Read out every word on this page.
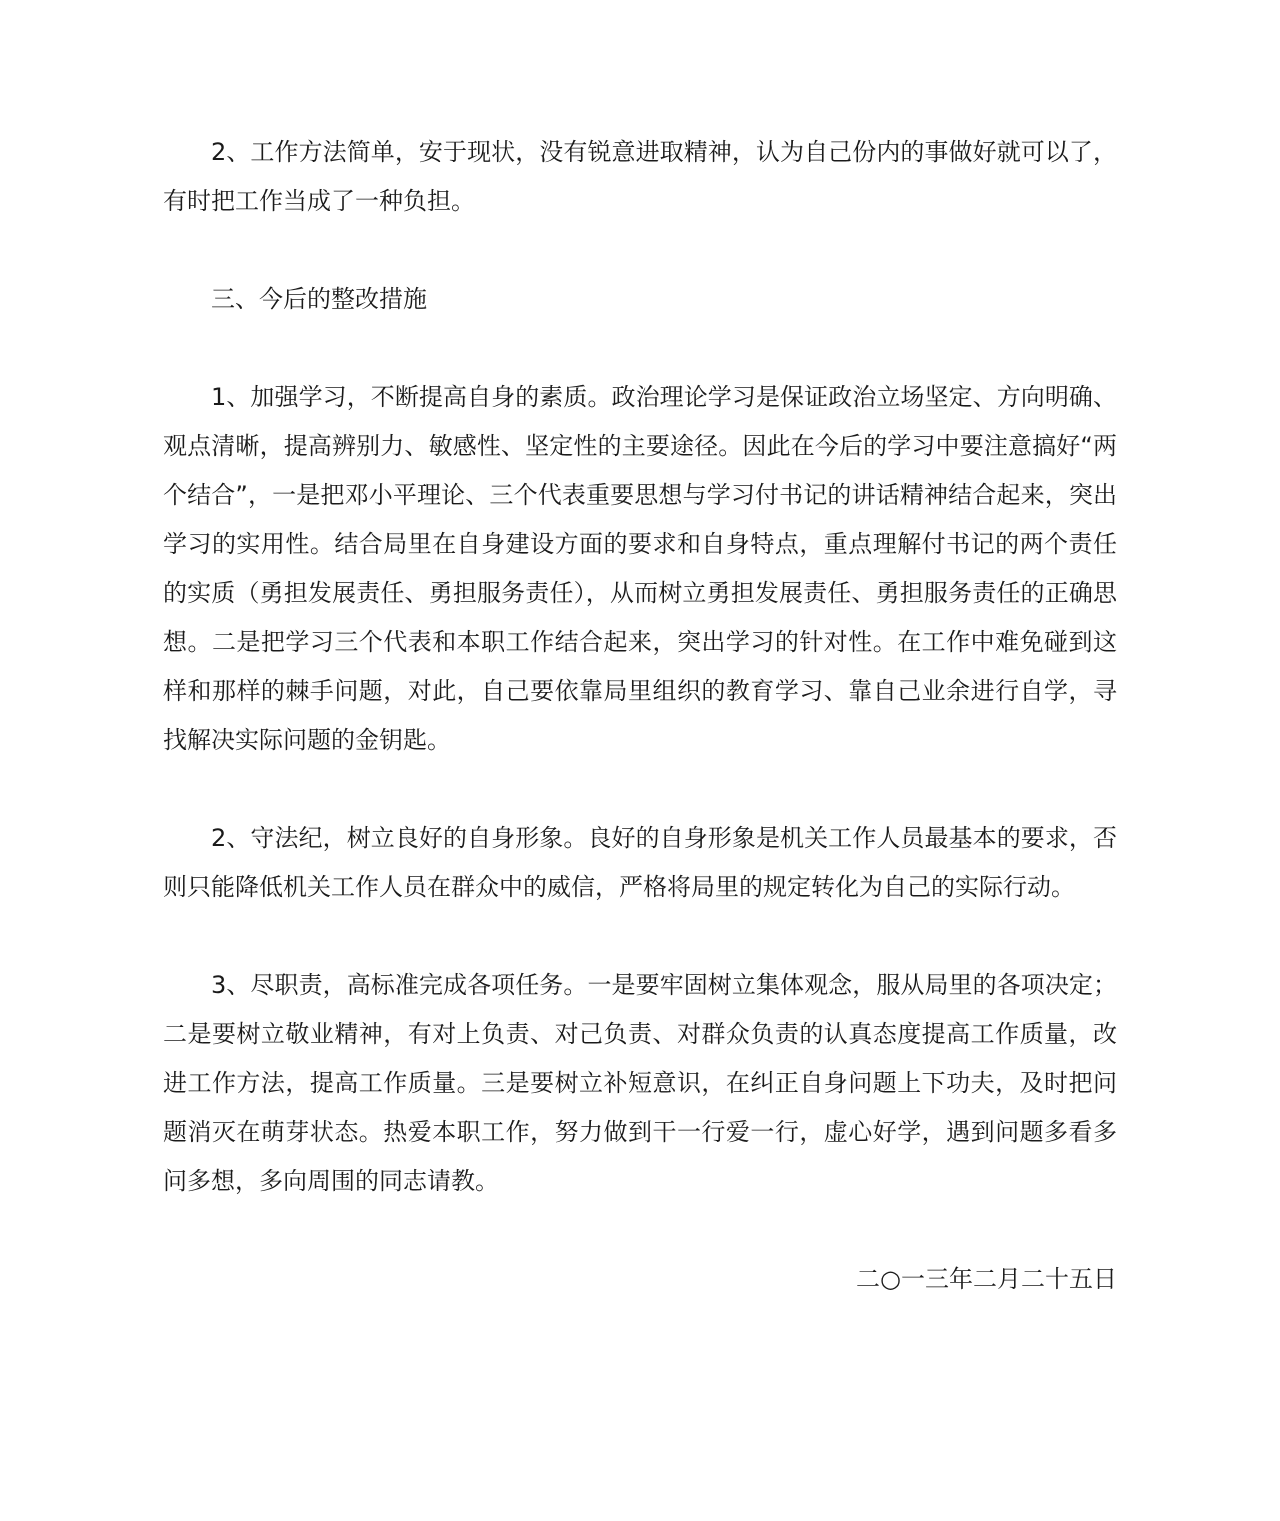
2、工作方法简单，安于现状，没有锐意进取精神，认为自己份内的事做好就可以了，有时把工作当成了一种负担。

三、今后的整改措施

1、加强学习，不断提高自身的素质。政治理论学习是保证政治立场坚定、方向明确、观点清晰，提高辨别力、敏感性、坚定性的主要途径。因此在今后的学习中要注意搞好“两个结合”，一是把邓小平理论、三个代表重要思想与学习付书记的讲话精神结合起来，突出学习的实用性。结合局里在自身建设方面的要求和自身特点，重点理解付书记的两个责任的实质（勇担发展责任、勇担服务责任），从而树立勇担发展责任、勇担服务责任的正确思想。二是把学习三个代表和本职工作结合起来，突出学习的针对性。在工作中难免碰到这样和那样的棘手问题，对此，自己要依靠局里组织的教育学习、靠自己业余进行自学，寻找解决实际问题的金钥匙。

2、守法纪，树立良好的自身形象。良好的自身形象是机关工作人员最基本的要求，否则只能降低机关工作人员在群众中的威信，严格将局里的规定转化为自己的实际行动。

3、尽职责，高标准完成各项任务。一是要牢固树立集体观念，服从局里的各项决定；二是要树立敬业精神，有对上负责、对己负责、对群众负责的认真态度提高工作质量，改进工作方法，提高工作质量。三是要树立补短意识，在纠正自身问题上下功夫，及时把问题消灭在萌芽状态。热爱本职工作，努力做到干一行爱一行，虚心好学，遇到问题多看多问多想，多向周围的同志请教。

二○一三年二月二十五日
